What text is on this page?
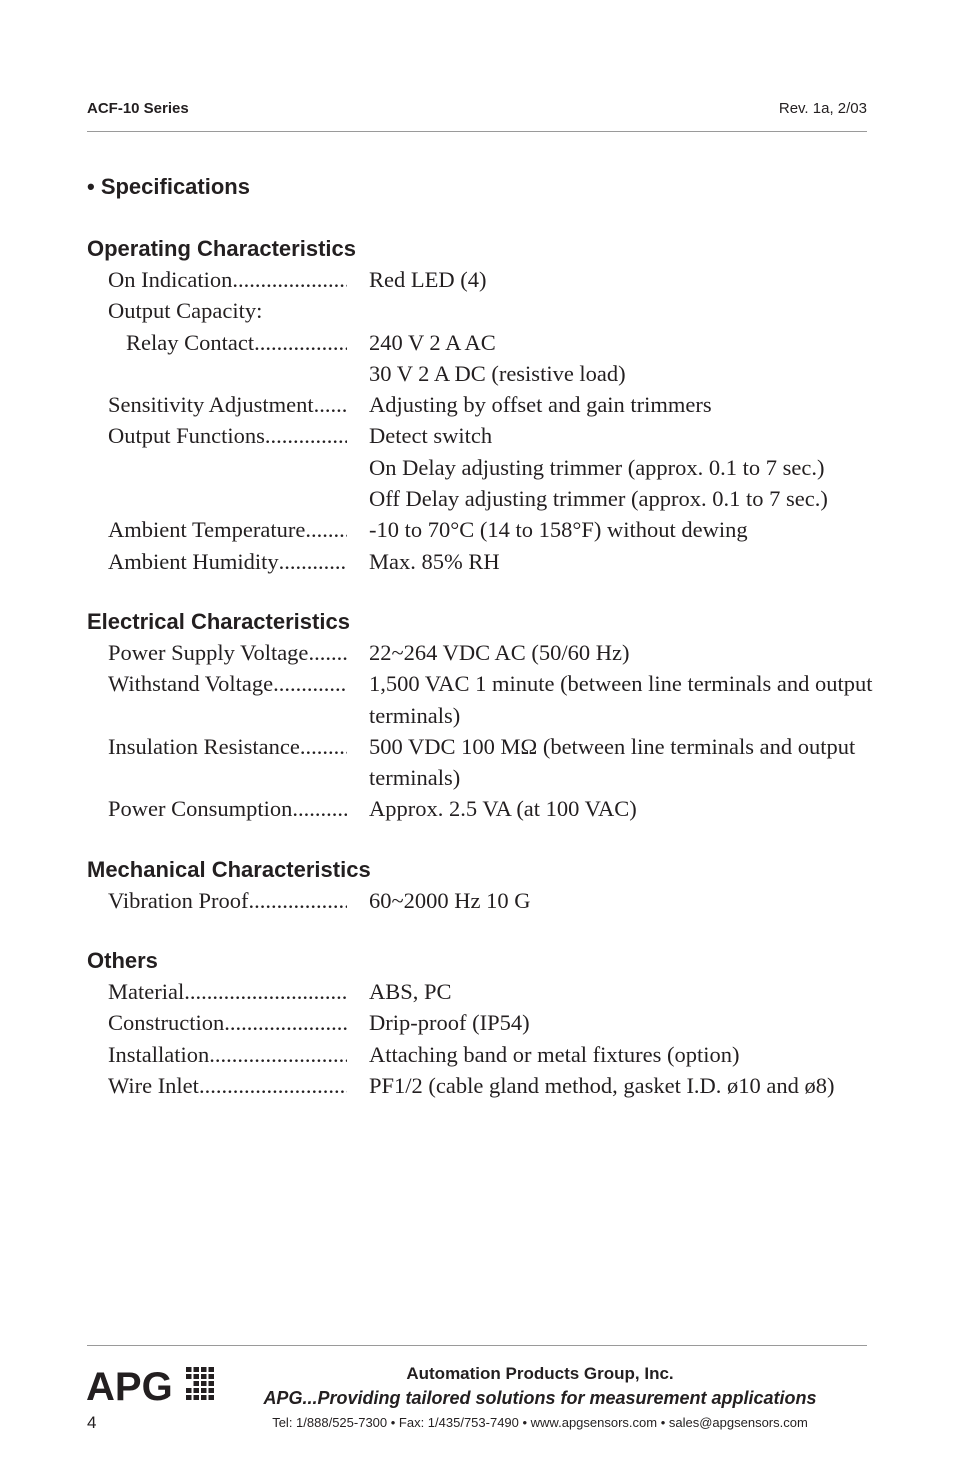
ACF-10 Series	Rev. 1a, 2/03
• Specifications
Operating Characteristics
On Indication .....	Red LED (4)
Output Capacity:
Relay Contact .....	240 V 2 A AC
30 V 2 A DC (resistive load)
Sensitivity Adjustment .....	Adjusting by offset and gain trimmers
Output Functions .....	Detect switch
On Delay adjusting trimmer (approx. 0.1 to 7 sec.)
Off Delay adjusting trimmer (approx. 0.1 to 7 sec.)
Ambient Temperature .....	-10 to 70°C (14 to 158°F) without dewing
Ambient Humidity .....	Max. 85% RH
Electrical Characteristics
Power Supply Voltage .....	22~264 VDC AC (50/60 Hz)
Withstand Voltage .....	1,500 VAC 1 minute (between line terminals and output terminals)
Insulation Resistance .....	500 VDC 100 MΩ (between line terminals and output terminals)
Power Consumption .....	Approx. 2.5 VA (at 100 VAC)
Mechanical Characteristics
Vibration Proof .....	60~2000 Hz 10 G
Others
Material .....	ABS, PC
Construction .....	Drip-proof (IP54)
Installation .....	Attaching band or metal fixtures (option)
Wire Inlet .....	PF1/2 (cable gland method, gasket I.D. ø10 and ø8)
APG
4
Automation Products Group, Inc.
APG...Providing tailored solutions for measurement applications
Tel: 1/888/525-7300 • Fax: 1/435/753-7490 • www.apgsensors.com • sales@apgsensors.com
